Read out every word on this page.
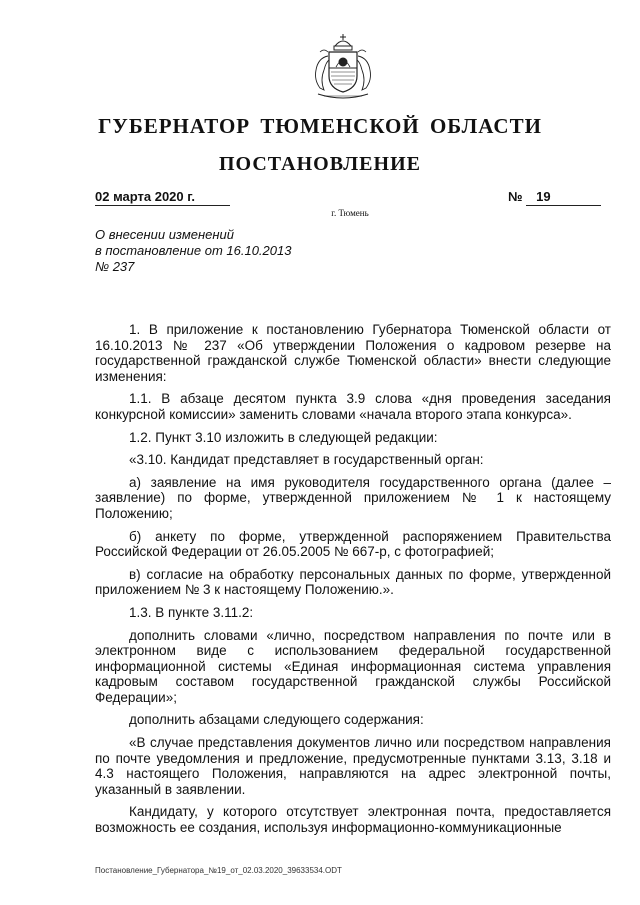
ГУБЕРНАТОР ТЮМЕНСКОЙ ОБЛАСТИ
ПОСТАНОВЛЕНИЕ
02 марта 2020 г.	№ 19
г. Тюмень
О внесении изменений
в постановление от 16.10.2013
№ 237

1. В приложение к постановлению Губернатора Тюменской области от 16.10.2013 № 237 «Об утверждении Положения о кадровом резерве на государственной гражданской службе Тюменской области» внести следующие изменения:

1.1. В абзаце десятом пункта 3.9 слова «дня проведения заседания конкурсной комиссии» заменить словами «начала второго этапа конкурса».

1.2. Пункт 3.10 изложить в следующей редакции:

«3.10. Кандидат представляет в государственный орган:

а) заявление на имя руководителя государственного органа (далее – заявление) по форме, утвержденной приложением № 1 к настоящему Положению;

б) анкету по форме, утвержденной распоряжением Правительства Российской Федерации от 26.05.2005 № 667-р, с фотографией;

в) согласие на обработку персональных данных по форме, утвержденной приложением № 3 к настоящему Положению.».

1.3. В пункте 3.11.2:

дополнить словами «лично, посредством направления по почте или в электронном виде с использованием федеральной государственной информационной системы «Единая информационная система управления кадровым составом государственной гражданской службы Российской Федерации»;

дополнить абзацами следующего содержания:

«В случае представления документов лично или посредством направления по почте уведомления и предложение, предусмотренные пунктами 3.13, 3.18 и 4.3 настоящего Положения, направляются на адрес электронной почты, указанный в заявлении.

Кандидату, у которого отсутствует электронная почта, предоставляется возможность ее создания, используя информационно-коммуникационные

Постановление_Губернатора_№19_от_02.03.2020_39633534.ODT
